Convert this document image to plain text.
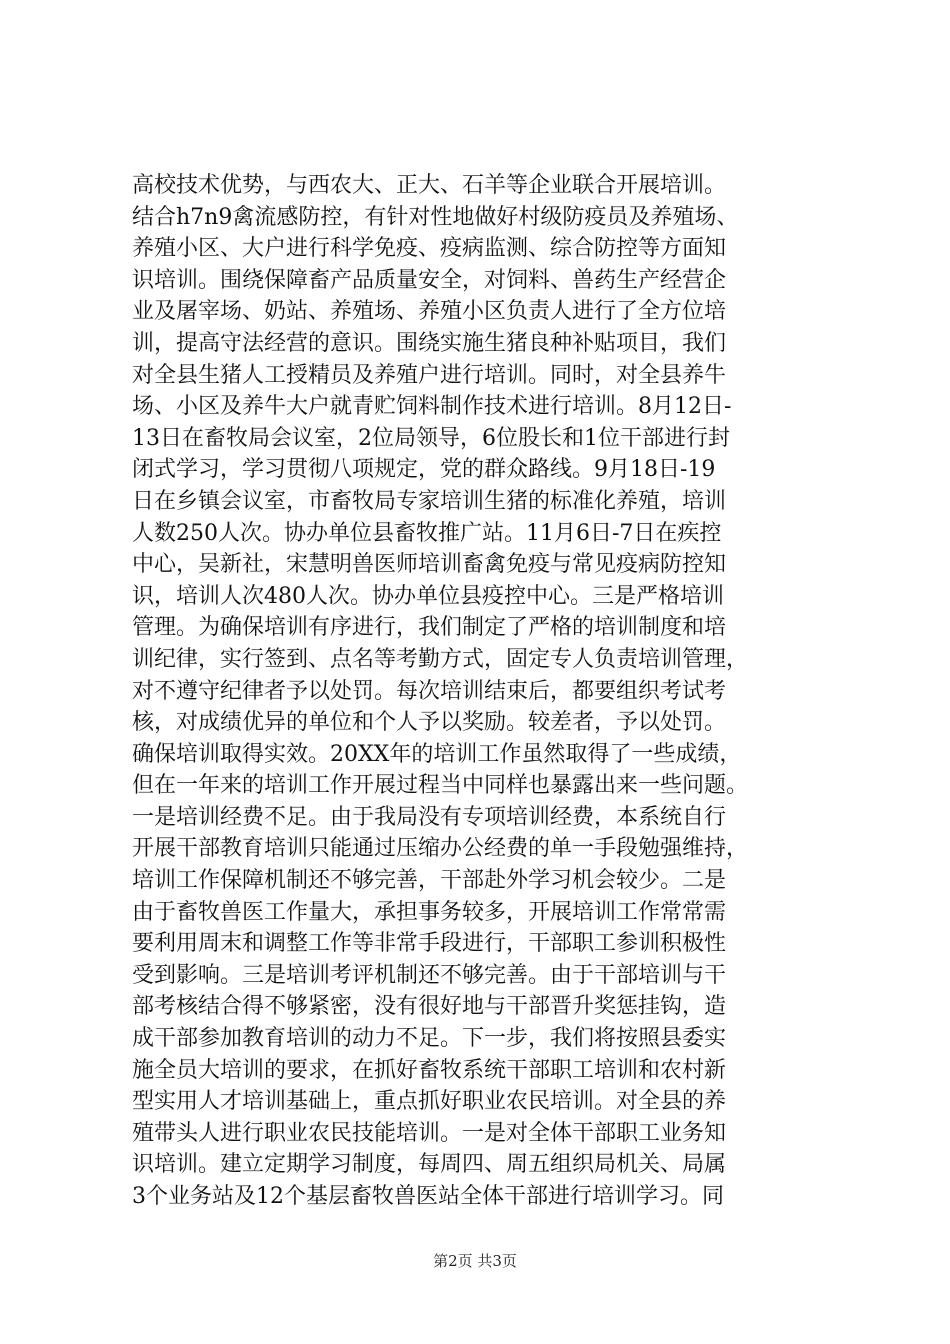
高校技术优势，与西农大、正大、石羊等企业联合开展培训。
结合h7n9禽流感防控，有针对性地做好村级防疫员及养殖场、
养殖小区、大户进行科学免疫、疫病监测、综合防控等方面知
识培训。围绕保障畜产品质量安全，对饲料、兽药生产经营企
业及屠宰场、奶站、养殖场、养殖小区负责人进行了全方位培
训，提高守法经营的意识。围绕实施生猪良种补贴项目，我们
对全县生猪人工授精员及养殖户进行培训。同时，对全县养牛
场、小区及养牛大户就青贮饲料制作技术进行培训。8月12日-
13日在畜牧局会议室，2位局领导，6位股长和1位干部进行封
闭式学习，学习贯彻八项规定，党的群众路线。9月18日-19
日在乡镇会议室，市畜牧局专家培训生猪的标准化养殖，培训
人数250人次。协办单位县畜牧推广站。11月6日-7日在疾控
中心，吴新社，宋慧明兽医师培训畜禽免疫与常见疫病防控知
识，培训人次480人次。协办单位县疫控中心。三是严格培训
管理。为确保培训有序进行，我们制定了严格的培训制度和培
训纪律，实行签到、点名等考勤方式，固定专人负责培训管理，
对不遵守纪律者予以处罚。每次培训结束后，都要组织考试考
核，对成绩优异的单位和个人予以奖励。较差者，予以处罚。
确保培训取得实效。20XX年的培训工作虽然取得了一些成绩，
但在一年来的培训工作开展过程当中同样也暴露出来一些问题。
一是培训经费不足。由于我局没有专项培训经费，本系统自行
开展干部教育培训只能通过压缩办公经费的单一手段勉强维持，
培训工作保障机制还不够完善，干部赴外学习机会较少。二是
由于畜牧兽医工作量大，承担事务较多，开展培训工作常常需
要利用周末和调整工作等非常手段进行，干部职工参训积极性
受到影响。三是培训考评机制还不够完善。由于干部培训与干
部考核结合得不够紧密，没有很好地与干部晋升奖惩挂钩，造
成干部参加教育培训的动力不足。下一步，我们将按照县委实
施全员大培训的要求，在抓好畜牧系统干部职工培训和农村新
型实用人才培训基础上，重点抓好职业农民培训。对全县的养
殖带头人进行职业农民技能培训。一是对全体干部职工业务知
识培训。建立定期学习制度，每周四、周五组织局机关、局属
3个业务站及12个基层畜牧兽医站全体干部进行培训学习。同
第2页 共3页
